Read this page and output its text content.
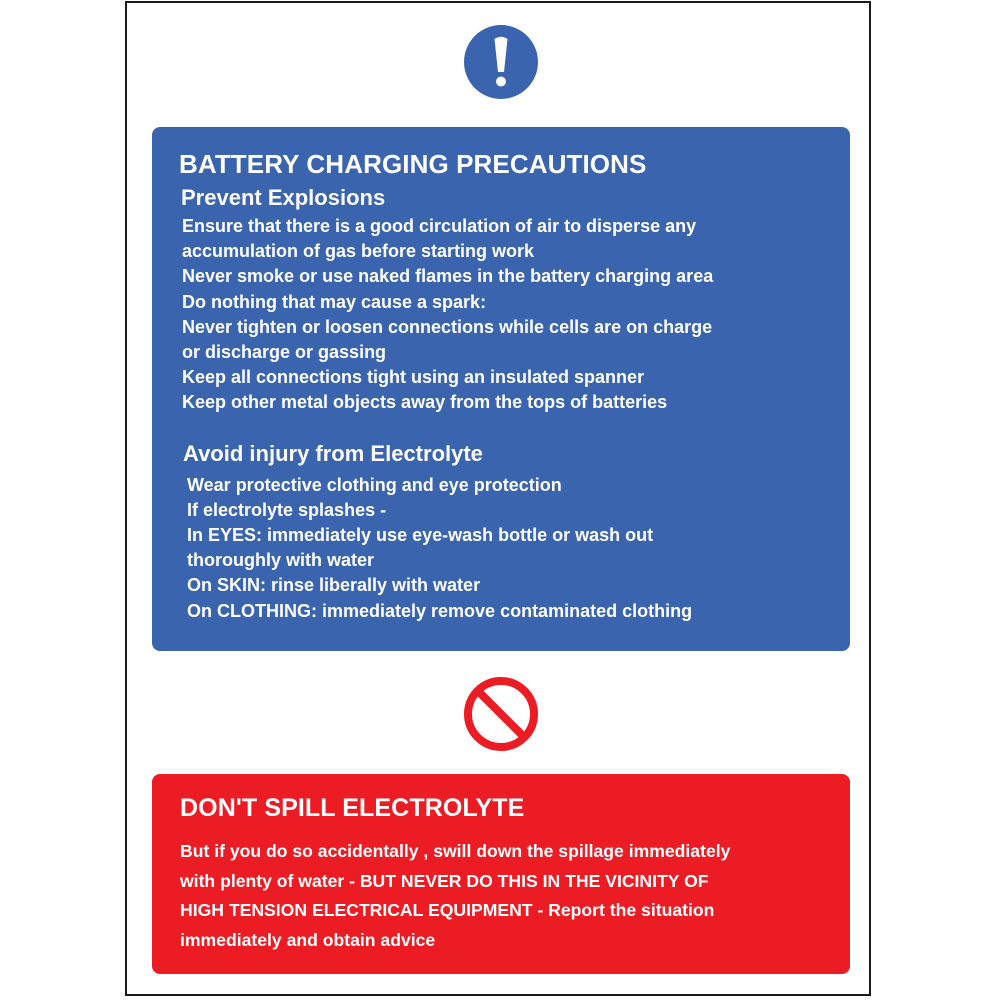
BATTERY CHARGING PRECAUTIONS
Prevent Explosions
Ensure that there is a good circulation of air to disperse any
accumulation of gas before starting work
Never smoke or use naked flames in the battery charging area
Do nothing that may cause a spark:
Never tighten or loosen connections while cells are on charge
or discharge or gassing
Keep all connections tight using an insulated spanner
Keep other metal objects away from the tops of batteries
Avoid injury from Electrolyte
Wear protective clothing and eye protection
If electrolyte splashes -
In EYES: immediately use eye-wash bottle or wash out
thoroughly with water
On SKIN: rinse liberally with water
On CLOTHING: immediately remove contaminated clothing
DON'T SPILL ELECTROLYTE
But if you do so accidentally , swill down the spillage immediately
with plenty of water - BUT NEVER DO THIS IN THE VICINITY OF
HIGH TENSION ELECTRICAL EQUIPMENT - Report the situation
immediately and obtain advice
